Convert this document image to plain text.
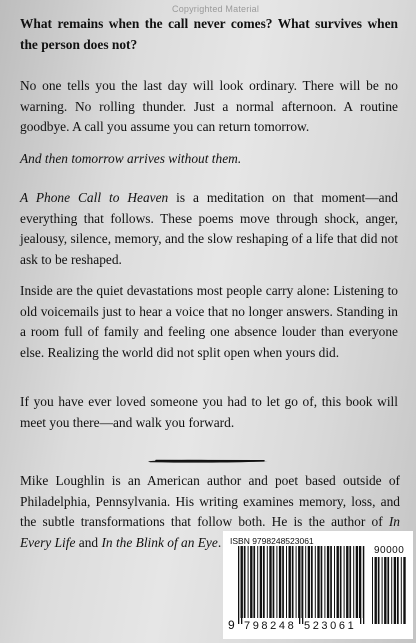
Copyrighted Material

What remains when the call never comes? What survives when the person does not?

No one tells you the last day will look ordinary. There will be no warning. No rolling thunder. Just a normal afternoon. A routine goodbye. A call you assume you can return tomorrow.

And then tomorrow arrives without them.

A Phone Call to Heaven is a meditation on that moment—and everything that follows. These poems move through shock, anger, jealousy, silence, memory, and the slow reshaping of a life that did not ask to be reshaped.

Inside are the quiet devastations most people carry alone: Listening to old voicemails just to hear a voice that no longer answers. Standing in a room full of family and feeling one absence louder than everyone else. Realizing the world did not split open when yours did.

If you have ever loved someone you had to let go of, this book will meet you there—and walk you forward.

Mike Loughlin is an American author and poet based outside of Philadelphia, Pennsylvania. His writing examines memory, loss, and the subtle transformations that follow both. He is the author of In Every Life and In the Blink of an Eye.	ISBN 9798248523061
9 798248 523061
90000
